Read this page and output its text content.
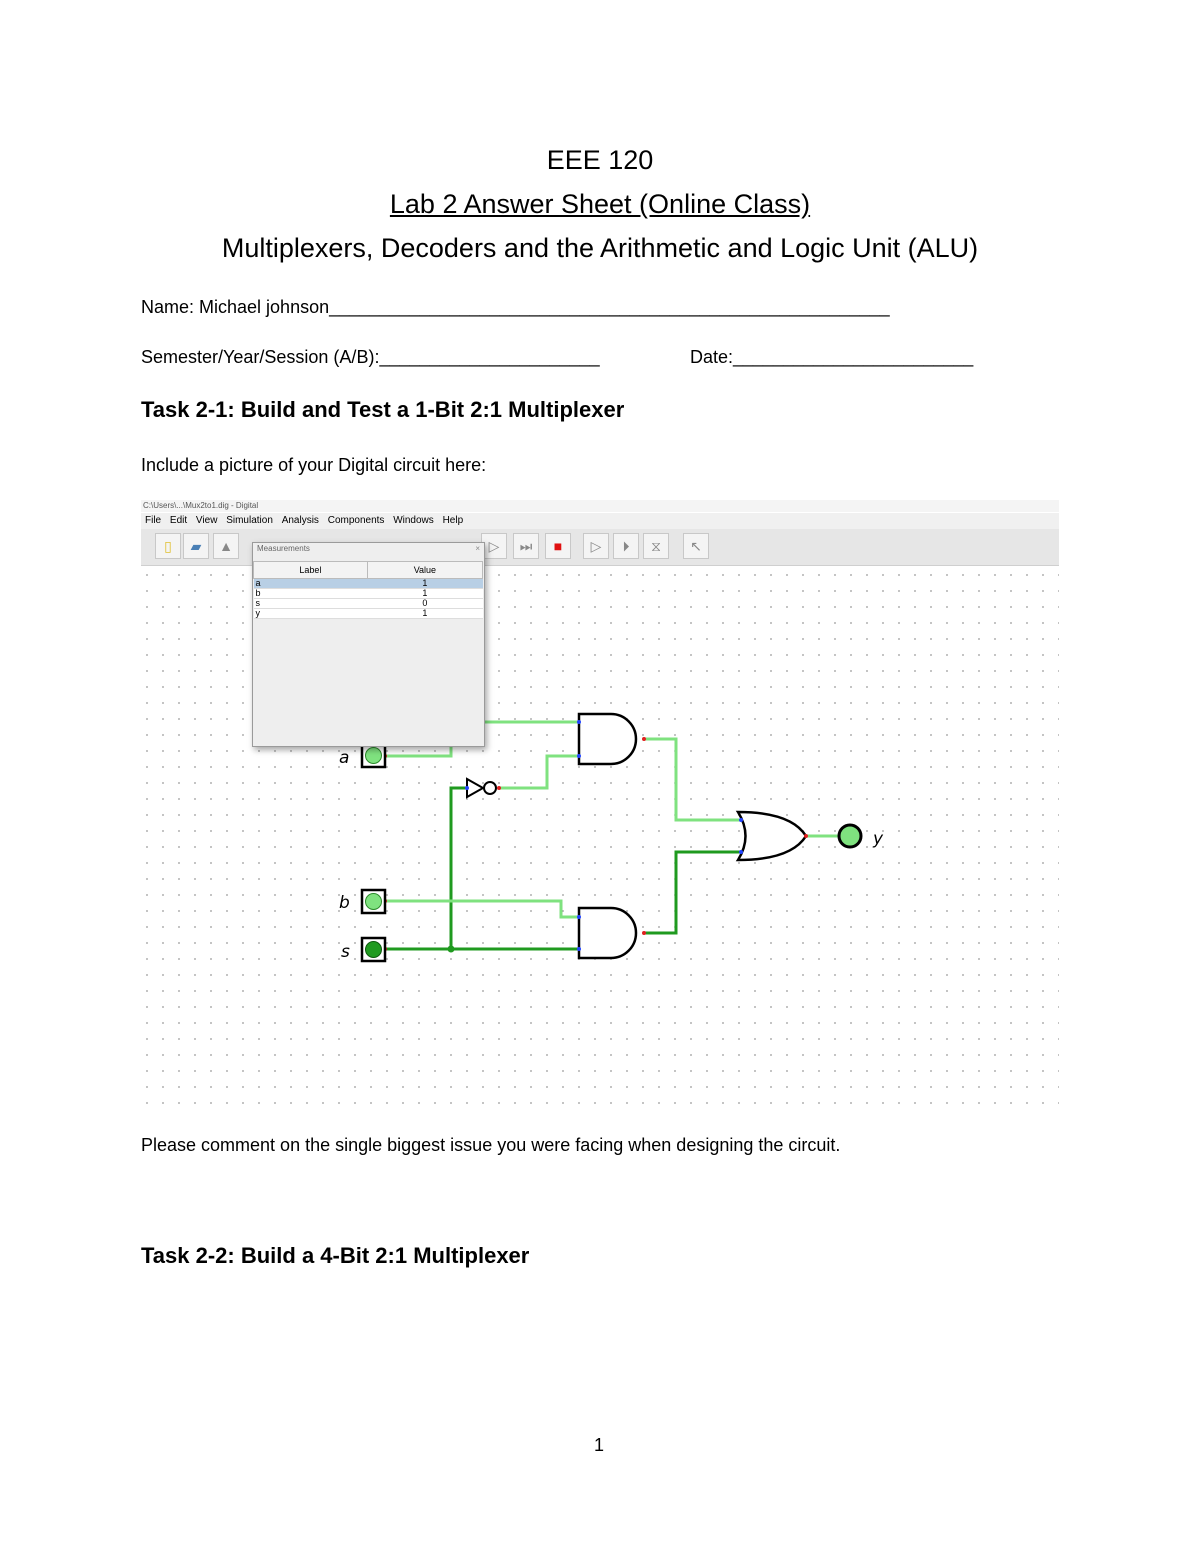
EEE 120
Lab 2 Answer Sheet (Online Class)
Multiplexers, Decoders and the Arithmetic and Logic Unit (ALU)
Name: Michael johnson________________________________________________________
Semester/Year/Session (A/B):______________________	Date:________________________
Task 2-1: Build and Test a 1-Bit 2:1 Multiplexer
Include a picture of your Digital circuit here:
C:\Users\...\Mux2to1.dig - Digital
File Edit View Simulation Analysis Components Windows Help
▯	▰	▲	▷	⏭	■	▷	⏵	⧖	↖
a
b
s
y
Measurements	×
Label	Value
a	1
b	1
s	0
y	1
Please comment on the single biggest issue you were facing when designing the circuit.
Task 2-2: Build a 4-Bit 2:1 Multiplexer
1
